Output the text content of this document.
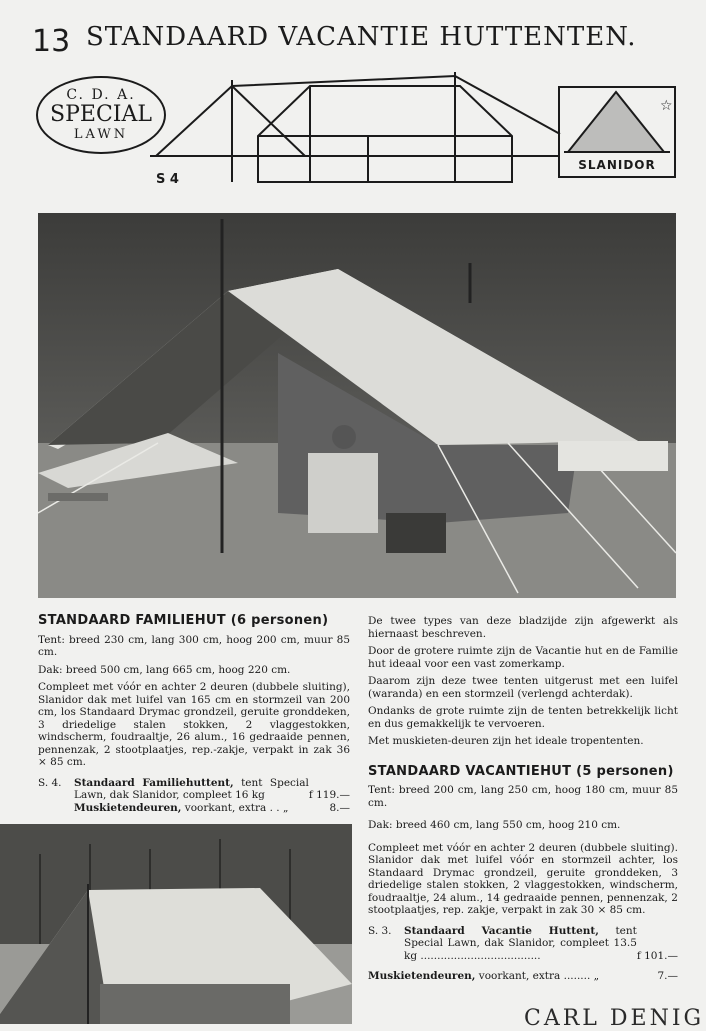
13 STANDAARD VACANTIE HUTTENTEN.
C. D. A.
SPECIAL
LAWN
S 4
☆
SLANIDOR
STANDAARD FAMILIEHUT (6 personen)

Tent: breed 230 cm, lang 300 cm, hoog 200 cm, muur 85 cm.

Dak: breed 500 cm, lang 665 cm, hoog 220 cm.

Compleet met vóór en achter 2 deuren (dubbele sluiting), Slanidor dak met luifel van 165 cm en stormzeil van 200 cm, los Standaard Drymac grondzeil, geruite gronddeken, 3 driedelige stalen stokken, 2 vlaggestokken, windscherm, foudraaltje, 26 alum., 16 gedraaide pennen, pennenzak, 2 stootplaatjes, rep.-zakje, verpakt in zak 36 × 85 cm.

S. 4.	Standaard Familiehuttent, tent Special Lawn, dak Slanidor, compleet 16 kg	f 119.—
Muskietendeuren, voorkant, extra . . „	8.—

De twee types van deze bladzijde zijn afgewerkt als hiernaast beschreven.

Door de grotere ruimte zijn de Vacantie hut en de Familie hut ideaal voor een vast zomerkamp.

Daarom zijn deze twee tenten uitgerust met een luifel (waranda) en een stormzeil (verlengd achterdak).

Ondanks de grote ruimte zijn de tenten betrekkelijk licht en dus gemakkelijk te vervoeren.

Met muskieten-deuren zijn het ideale tropententen.

STANDAARD VACANTIEHUT (5 personen)

Tent: breed 200 cm, lang 250 cm, hoog 180 cm, muur 85 cm.

Dak: breed 460 cm, lang 550 cm, hoog 210 cm.

Compleet met vóór en achter 2 deuren (dubbele sluiting). Slanidor dak met luifel vóór en stormzeil achter, los Standaard Drymac grondzeil, geruite gronddeken, 3 driedelige stalen stokken, 2 vlaggestokken, windscherm, foudraaltje, 24 alum., 14 gedraaide pennen, pennenzak, 2 stootplaatjes, rep. zakje, verpakt in zak 30 × 85 cm.

S. 3.	Standaard Vacantie Huttent, tent Special Lawn, dak Slanidor, compleet 13.5 kg ....................................	f 101.—
Muskietendeuren, voorkant, extra ........ „	7.—
CARL DENIG
